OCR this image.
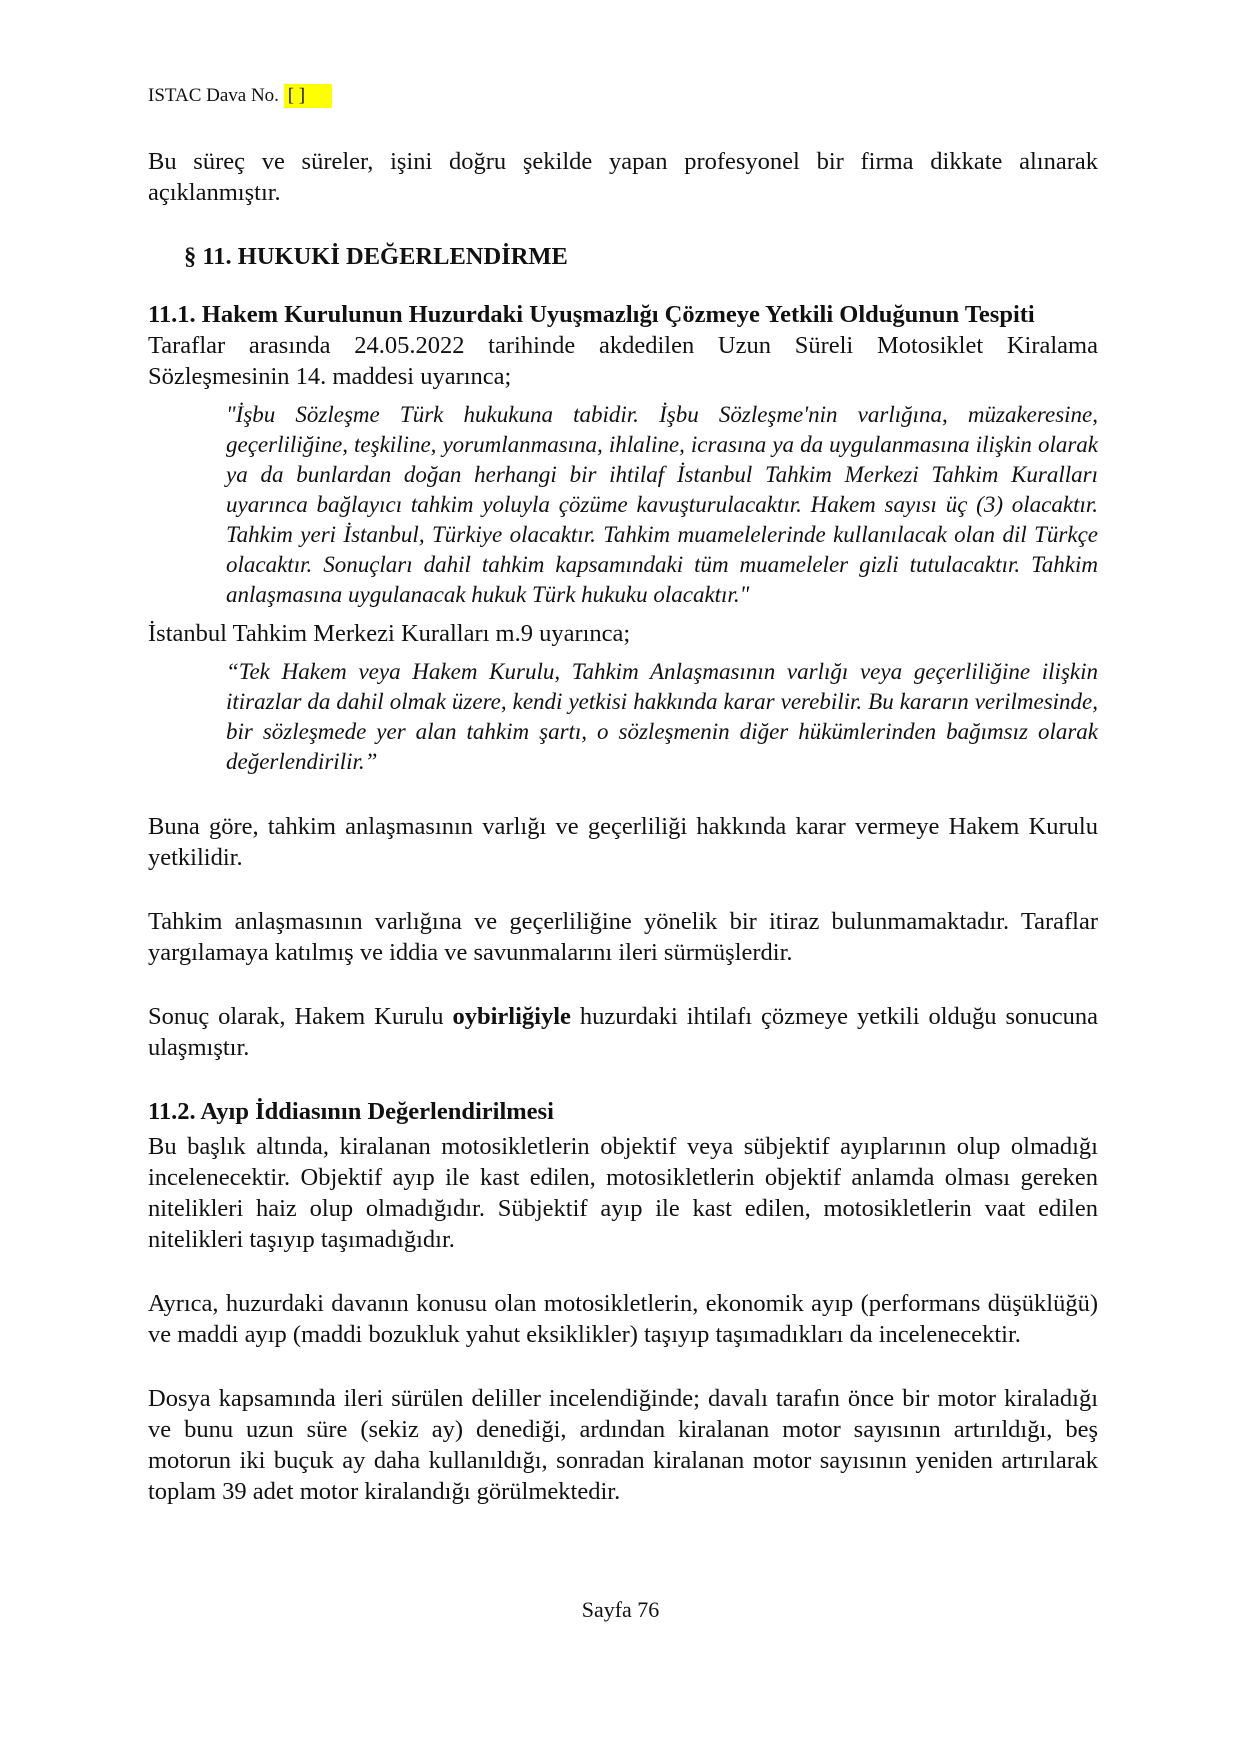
ISTAC Dava No. [ ]

Bu süreç ve süreler, işini doğru şekilde yapan profesyonel bir firma dikkate alınarak açıklanmıştır.

§ 11. HUKUKİ DEĞERLENDİRME

11.1. Hakem Kurulunun Huzurdaki Uyuşmazlığı Çözmeye Yetkili Olduğunun Tespiti

Taraflar arasında 24.05.2022 tarihinde akdedilen Uzun Süreli Motosiklet Kiralama Sözleşmesinin 14. maddesi uyarınca;

"İşbu Sözleşme Türk hukukuna tabidir. İşbu Sözleşme'nin varlığına, müzakeresine, geçerliliğine, teşkiline, yorumlanmasına, ihlaline, icrasına ya da uygulanmasına ilişkin olarak ya da bunlardan doğan herhangi bir ihtilaf İstanbul Tahkim Merkezi Tahkim Kuralları uyarınca bağlayıcı tahkim yoluyla çözüme kavuşturulacaktır. Hakem sayısı üç (3) olacaktır. Tahkim yeri İstanbul, Türkiye olacaktır. Tahkim muamelelerinde kullanılacak olan dil Türkçe olacaktır. Sonuçları dahil tahkim kapsamındaki tüm muameleler gizli tutulacaktır. Tahkim anlaşmasına uygulanacak hukuk Türk hukuku olacaktır."

İstanbul Tahkim Merkezi Kuralları m.9 uyarınca;

“Tek Hakem veya Hakem Kurulu, Tahkim Anlaşmasının varlığı veya geçerliliğine ilişkin itirazlar da dahil olmak üzere, kendi yetkisi hakkında karar verebilir. Bu kararın verilmesinde, bir sözleşmede yer alan tahkim şartı, o sözleşmenin diğer hükümlerinden bağımsız olarak değerlendirilir.”

Buna göre, tahkim anlaşmasının varlığı ve geçerliliği hakkında karar vermeye Hakem Kurulu yetkilidir.

Tahkim anlaşmasının varlığına ve geçerliliğine yönelik bir itiraz bulunmamaktadır. Taraflar yargılamaya katılmış ve iddia ve savunmalarını ileri sürmüşlerdir.

Sonuç olarak, Hakem Kurulu oybirliğiyle huzurdaki ihtilafı çözmeye yetkili olduğu sonucuna ulaşmıştır.

11.2. Ayıp İddiasının Değerlendirilmesi

Bu başlık altında, kiralanan motosikletlerin objektif veya sübjektif ayıplarının olup olmadığı incelenecektir. Objektif ayıp ile kast edilen, motosikletlerin objektif anlamda olması gereken nitelikleri haiz olup olmadığıdır. Sübjektif ayıp ile kast edilen, motosikletlerin vaat edilen nitelikleri taşıyıp taşımadığıdır.

Ayrıca, huzurdaki davanın konusu olan motosikletlerin, ekonomik ayıp (performans düşüklüğü) ve maddi ayıp (maddi bozukluk yahut eksiklikler) taşıyıp taşımadıkları da incelenecektir.

Dosya kapsamında ileri sürülen deliller incelendiğinde; davalı tarafın önce bir motor kiraladığı ve bunu uzun süre (sekiz ay) denediği, ardından kiralanan motor sayısının artırıldığı, beş motorun iki buçuk ay daha kullanıldığı, sonradan kiralanan motor sayısının yeniden artırılarak toplam 39 adet motor kiralandığı görülmektedir.

Sayfa 76
